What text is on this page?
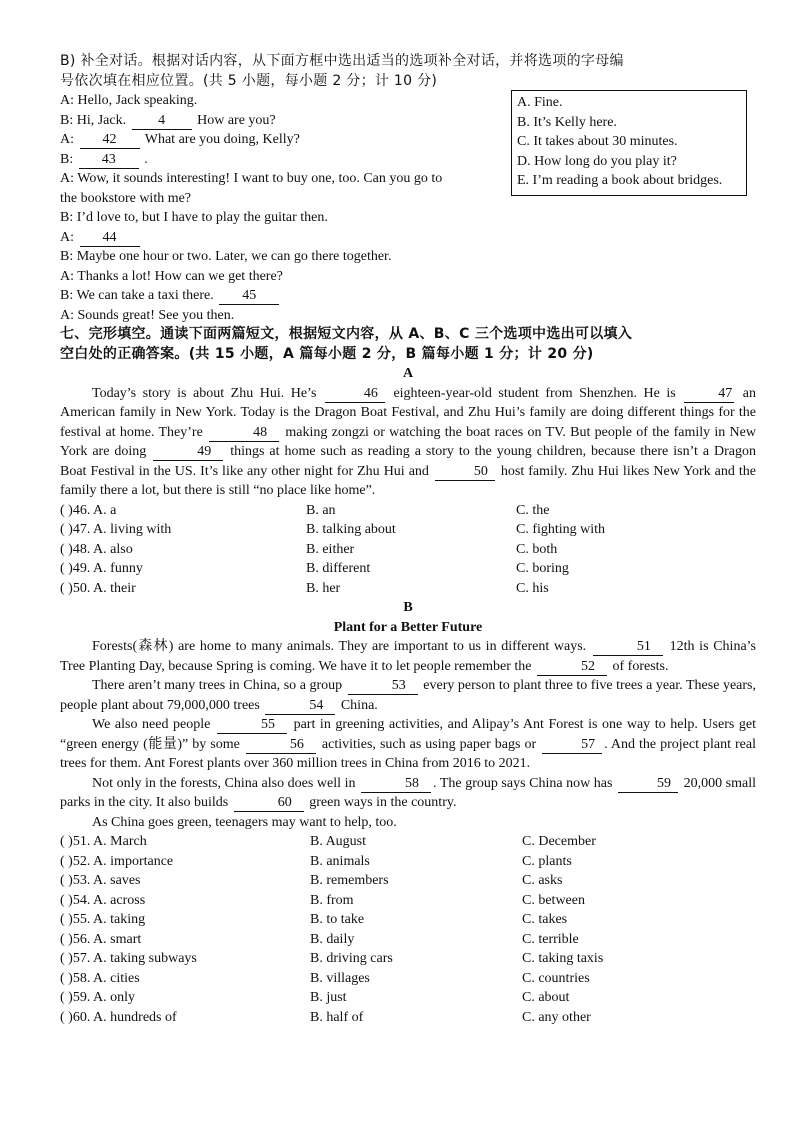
B) 补全对话。根据对话内容，从下面方框中选出适当的选项补全对话，并将选项的字母编
号依次填在相应位置。(共 5 小题，每小题 2 分；计 10 分)
A. Fine.
B. It’s Kelly here.
C. It takes about 30 minutes.
D. How long do you play it?
E. I’m reading a book about bridges.
A: Hello, Jack speaking.
B: Hi, Jack. 4 How are you?
A: 42 What are you doing, Kelly?
B: 43 .
A: Wow, it sounds interesting! I want to buy one, too. Can you go to
the bookstore with me?
B: I’d love to, but I have to play the guitar then.
A: 44
B: Maybe one hour or two. Later, we can go there together.
A: Thanks a lot! How can we get there?
B: We can take a taxi there. 45
A: Sounds great! See you then.
七、完形填空。通读下面两篇短文，根据短文内容，从 A、B、C 三个选项中选出可以填入
空白处的正确答案。(共 15 小题，A 篇每小题 2 分，B 篇每小题 1 分；计 20 分)
A
Today’s story is about Zhu Hui. He’s	46 eighteen-year-old student from Shenzhen. He is	47 an American family in New York. Today is the Dragon Boat Festival, and Zhu Hui’s family are doing different things for the festival at home. They’re	48 making zongzi or watching the boat races on TV. But people of the family in New York are doing	49 things at home such as reading a story to the young children, because there isn’t a Dragon Boat Festival in the US. It’s like any other night for Zhu Hui and	50 host family. Zhu Hui likes New York and the family there a lot, but there is still “no place like home”.
( )46. A. a	B. an	C. the
( )47. A. living with	B. talking about	C. fighting with
( )48. A. also	B. either	C. both
( )49. A. funny	B. different	C. boring
( )50. A. their	B. her	C. his
B
Plant for a Better Future
Forests(森林) are home to many animals. They are important to us in different ways.	51 12th is China’s Tree Planting Day, because Spring is coming. We have it to let people remember the	52 of forests.
There aren’t many trees in China, so a group	53 every person to plant three to five trees a year. These years, people plant about 79,000,000 trees	54 China.
We also need people	55 part in greening activities, and Alipay’s Ant Forest is one way to help. Users get “green energy (能量)” by some	56 activities, such as using paper bags or	57 . And the project plant real trees for them. Ant Forest plants over 360 million trees in China from 2016 to 2021.
Not only in the forests, China also does well in	58 . The group says China now has	59 20,000 small parks in the city. It also builds	60 green ways in the country.
As China goes green, teenagers may want to help, too.
( )51. A. March	B. August	C. December
( )52. A. importance	B. animals	C. plants
( )53. A. saves	B. remembers	C. asks
( )54. A. across	B. from	C. between
( )55. A. taking	B. to take	C. takes
( )56. A. smart	B. daily	C. terrible
( )57. A. taking subways	B. driving cars	C. taking taxis
( )58. A. cities	B. villages	C. countries
( )59. A. only	B. just	C. about
( )60. A. hundreds of	B. half of	C. any other
